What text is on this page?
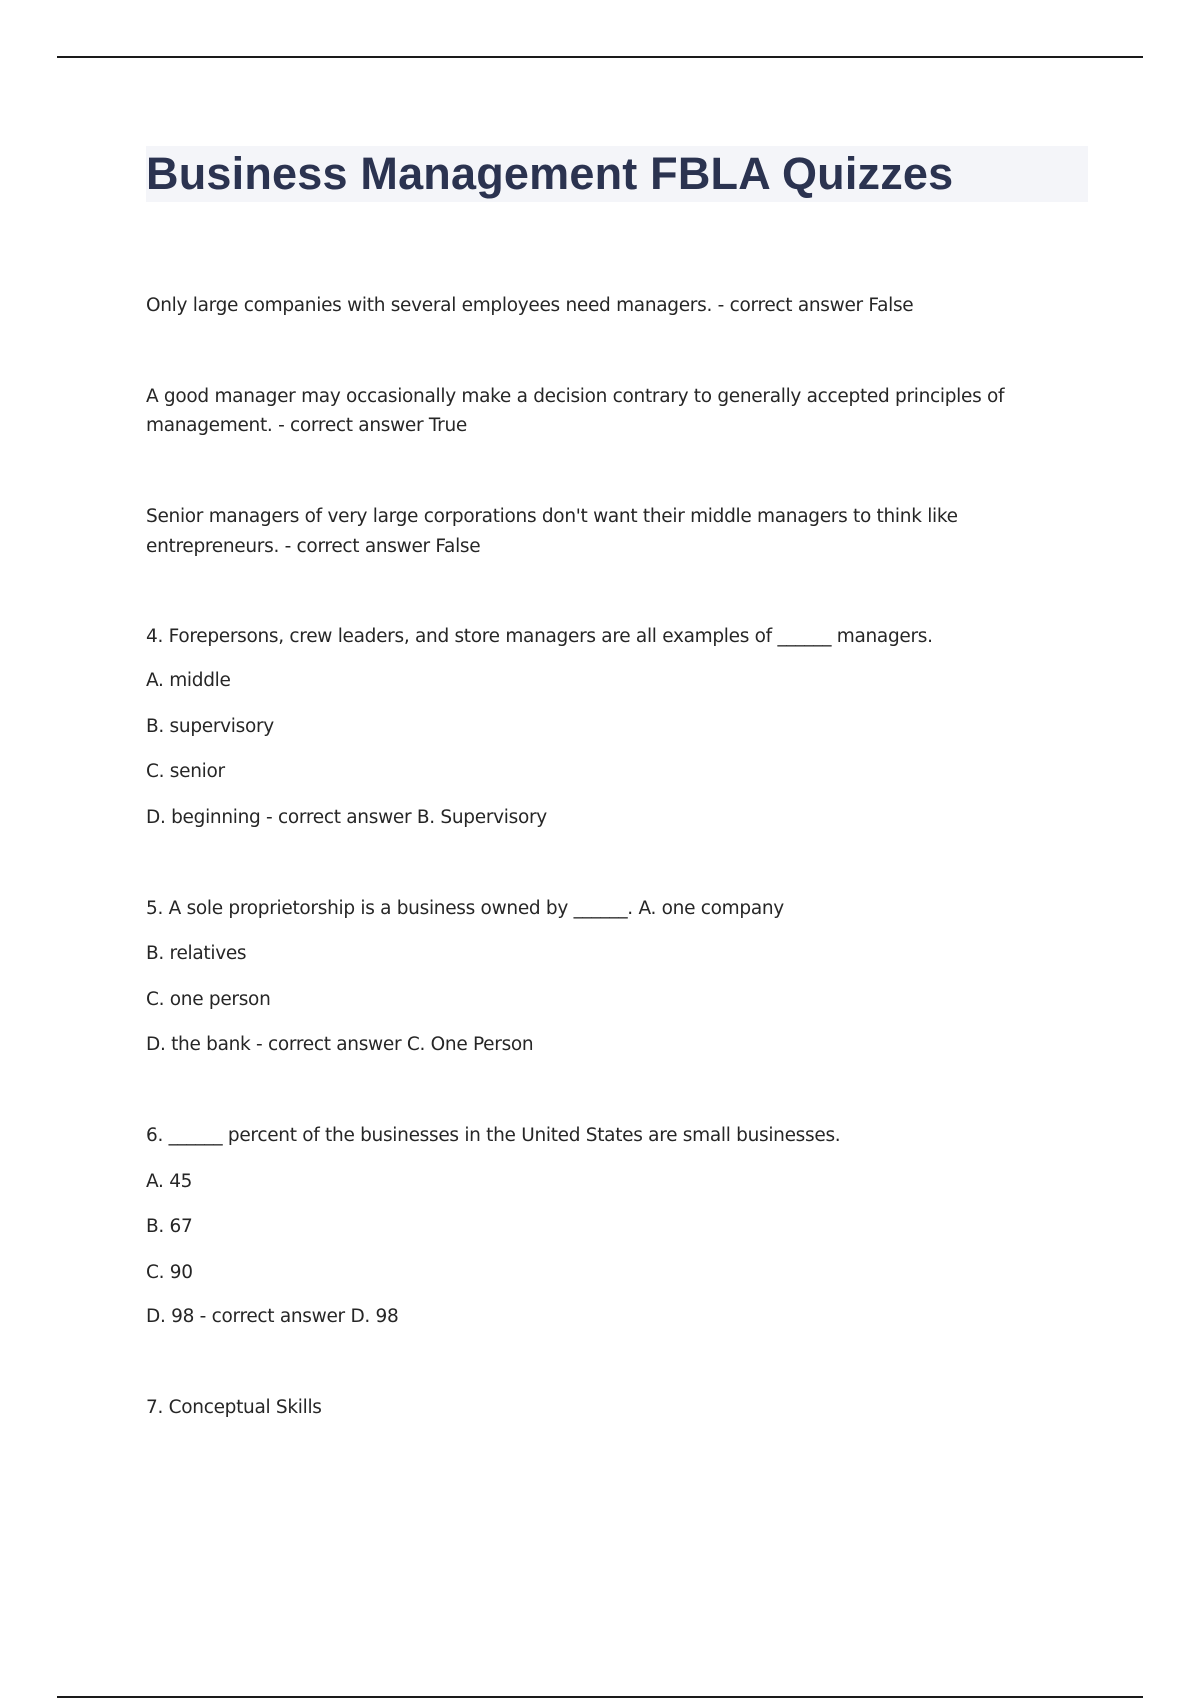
Business Management FBLA Quizzes
Only large companies with several employees need managers. - correct answer False
A good manager may occasionally make a decision contrary to generally accepted principles of
management. - correct answer True
Senior managers of very large corporations don't want their middle managers to think like
entrepreneurs. - correct answer False
4. Forepersons, crew leaders, and store managers are all examples of ______ managers.
A. middle
B. supervisory
C. senior
D. beginning - correct answer B. Supervisory
5. A sole proprietorship is a business owned by ______. A. one company
B. relatives
C. one person
D. the bank - correct answer C. One Person
6. ______ percent of the businesses in the United States are small businesses.
A. 45
B. 67
C. 90
D. 98 - correct answer D. 98
7. Conceptual Skills
